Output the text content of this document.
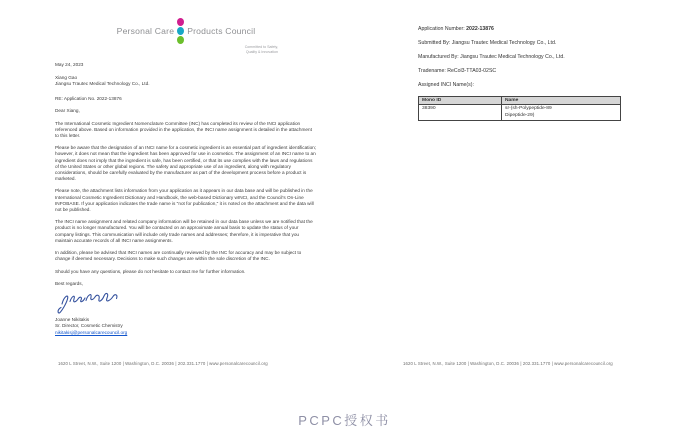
Personal Care Products Council
Committed to Safety,
Quality & Innovation

May 24, 2023

Xiang Gao
Jiangsu Trautec Medical Technology Co., Ltd.

RE: Application No. 2022-13876

Dear Xiang,

The International Cosmetic Ingredient Nomenclature Committee (INC) has completed its review of the INCI application referenced above. Based on information provided in the application, the INCI name assignment is detailed in the attachment to this letter.

Please be aware that the designation of an INCI name for a cosmetic ingredient is an essential part of ingredient identification; however, it does not mean that the ingredient has been approved for use in cosmetics. The assignment of an INCI name to an ingredient does not imply that the ingredient is safe, has been certified, or that its use complies with the laws and regulations of the United States or other global regions. The safety and appropriate use of an ingredient, along with regulatory considerations, should be carefully evaluated by the manufacturer as part of the development process before a product is marketed.

Please note, the attachment lists information from your application as it appears in our data base and will be published in the International Cosmetic Ingredient Dictionary and Handbook, the web-based Dictionary wINCI, and the Council's On-Line INFOBASE. If your application indicates the trade name is "not for publication," it is noted on the attachment and the data will not be published.

The INCI name assignment and related company information will be retained in our data base unless we are notified that the product is no longer manufactured. You will be contacted on an approximate annual basis to update the status of your company listings. This communication will include only trade names and addresses; therefore, it is imperative that you maintain accurate records of all INCI name assignments.

In addition, please be advised that INCI names are continually reviewed by the INC for accuracy and may be subject to change if deemed necessary. Decisions to make such changes are within the sole discretion of the INC.

Should you have any questions, please do not hesitate to contact me for further information.

Best regards,

Joanne Nikitakis
Sr. Director, Cosmetic Chemistry
nikitakisj@personalcarecouncil.org
1620 L Street, N.W., Suite 1200 | Washington, D.C. 20036 | 202.331.1770 | www.personalcarecouncil.org

Application Number: 2022-13876

Submitted By: Jiangsu Trautec Medical Technology Co., Ltd.

Manufactured By: Jiangsu Trautec Medical Technology Co., Ltd.

Tradename: ReCol3-TTA03-02SC

Assigned INCI Name(s):

Mono ID	Name
38390	sr-(sh-Polypeptide-89 Dipeptide-29)
1620 L Street, N.W., Suite 1200 | Washington, D.C. 20036 | 202.331.1770 | www.personalcarecouncil.org
PCPC授权书
